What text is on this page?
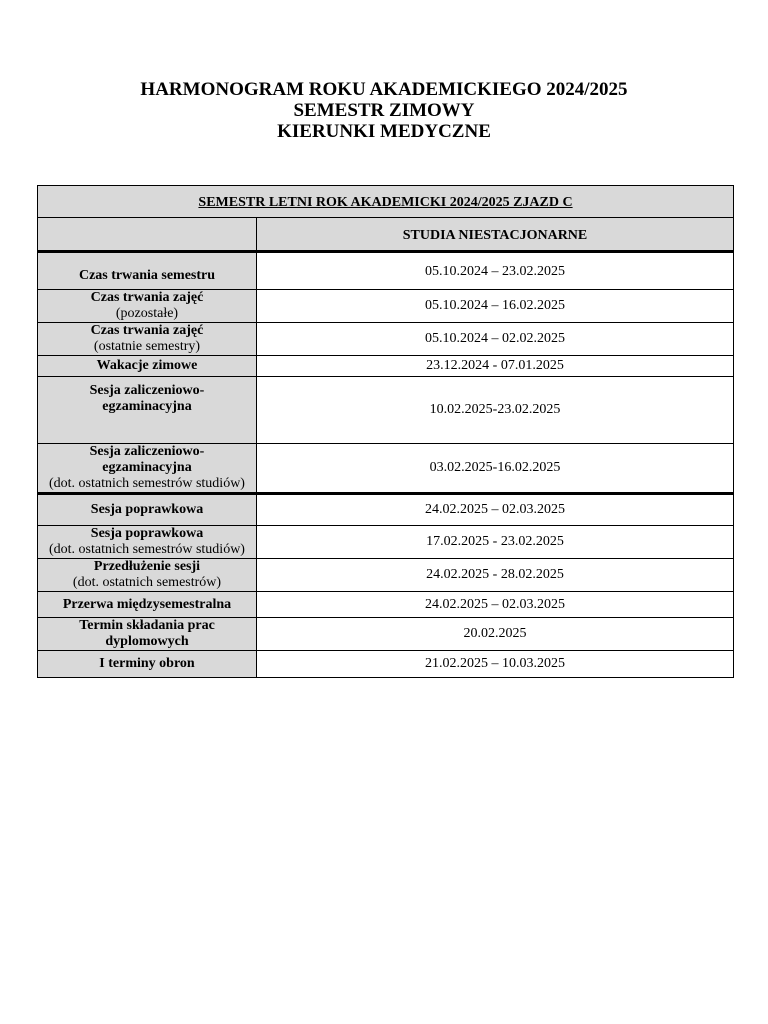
HARMONOGRAM ROKU AKADEMICKIEGO 2024/2025
SEMESTR ZIMOWY
KIERUNKI MEDYCZNE
SEMESTR LETNI ROK AKADEMICKI 2024/2025 ZJAZD C	
	STUDIA NIESTACJONARNE

Czas trwania semestru	05.10.2024 – 23.02.2025

Czas trwania zajęć
(pozostałe)	05.10.2024 – 16.02.2025

Czas trwania zajęć
(ostatnie semestry)	05.10.2024 – 02.02.2025

Wakacje zimowe	23.12.2024 - 07.01.2025

Sesja zaliczeniowo-egzaminacyjna	10.02.2025-23.02.2025

Sesja zaliczeniowo-egzaminacyjna
(dot. ostatnich semestrów studiów)	03.02.2025-16.02.2025

Sesja poprawkowa	24.02.2025 – 02.03.2025

Sesja poprawkowa
(dot. ostatnich semestrów studiów)	17.02.2025 - 23.02.2025

Przedłużenie sesji
(dot. ostatnich semestrów)	24.02.2025 - 28.02.2025

Przerwa międzysemestralna	24.02.2025 – 02.03.2025

Termin składania prac dyplomowych	20.02.2025

I terminy obron	21.02.2025 – 10.03.2025
